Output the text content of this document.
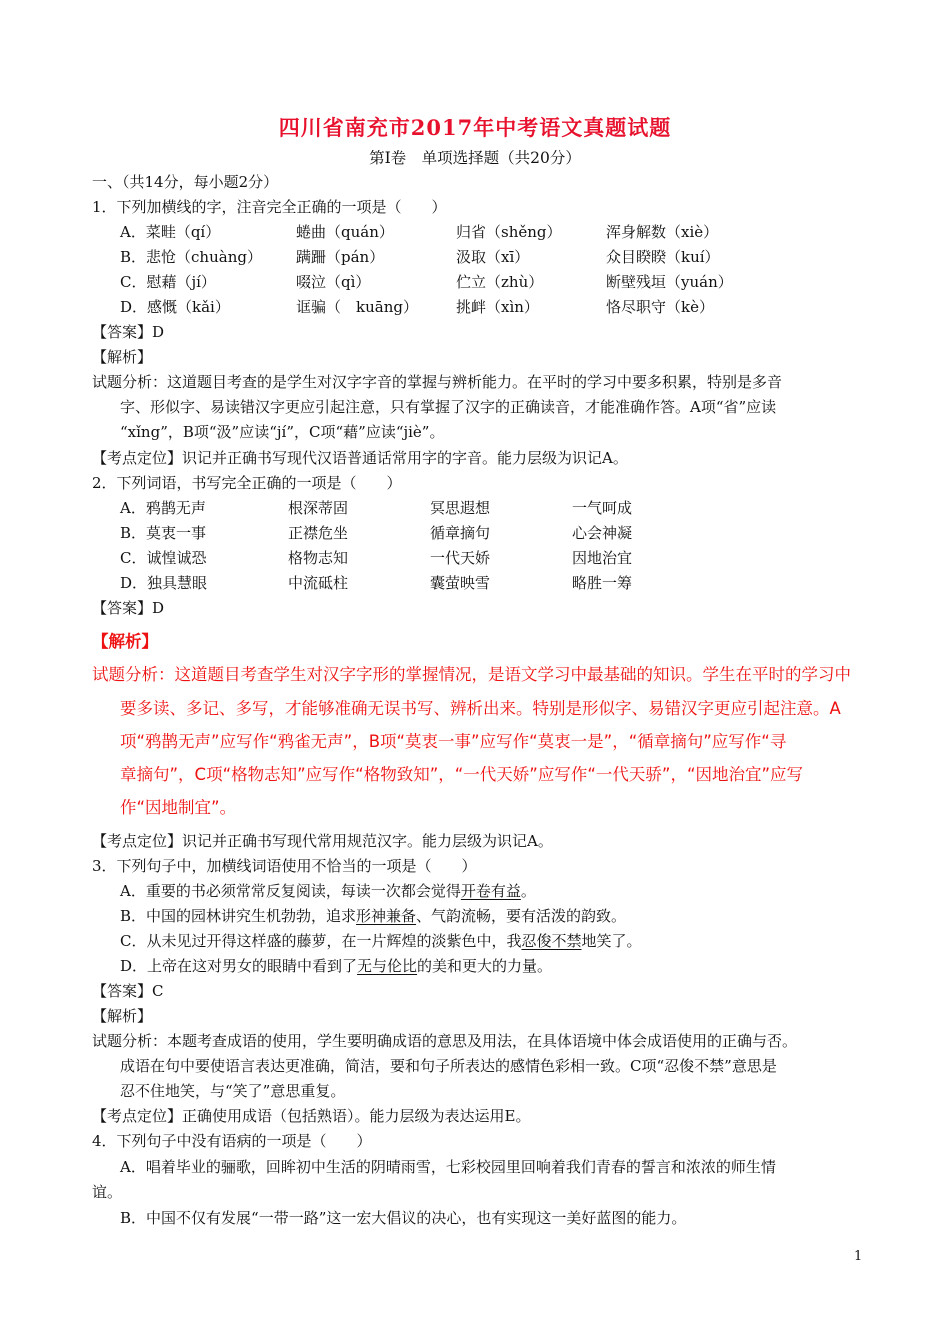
四川省南充市2017年中考语文真题试题
第Ⅰ卷　单项选择题（共20分）
一、（共14分，每小题2分）
1．下列加横线的字，注音完全正确的一项是（　　）
A．菜畦（qí）	蜷曲（quán）	归省（shěng）	浑身解数（xiè）
B．悲怆（chuàng） 蹒跚（pán）	汲取（xī）	众目睽睽（kuí）
C．慰藉（jí）	啜泣（qì）	伫立（zhù）	断壁残垣（yuán）
D．感慨（kǎi）	诓骗（　kuāng）	挑衅（xìn）	恪尽职守（kè）
【答案】D
【解析】
试题分析：这道题目考查的是学生对汉字字音的掌握与辨析能力。在平时的学习中要多积累，特别是多音
字、形似字、易读错汉字更应引起注意，只有掌握了汉字的正确读音，才能准确作答。A项“省”应读
“xǐng”，B项“汲”应读“jí”，C项“藉”应读“jiè”。
【考点定位】识记并正确书写现代汉语普通话常用字的字音。能力层级为识记A。
2．下列词语，书写完全正确的一项是（　　）
A．鸦鹊无声	根深蒂固	冥思遐想	一气呵成
B．莫衷一事	正襟危坐	循章摘句	心会神凝
C．诚惶诚恐	格物志知	一代天娇	因地治宜
D．独具慧眼	中流砥柱	囊萤映雪	略胜一筹
【答案】D
【解析】
试题分析：这道题目考查学生对汉字字形的掌握情况，是语文学习中最基础的知识。学生在平时的学习中
要多读、多记、多写，才能够准确无误书写、辨析出来。特别是形似字、易错汉字更应引起注意。A
项“鸦鹊无声”应写作“鸦雀无声”，B项“莫衷一事”应写作“莫衷一是”，“循章摘句”应写作“寻
章摘句”，C项“格物志知”应写作“格物致知”，“一代天娇”应写作“一代天骄”，“因地治宜”应写
作“因地制宜”。
【考点定位】识记并正确书写现代常用规范汉字。能力层级为识记A。
3．下列句子中，加横线词语使用不恰当的一项是（　　）
A．重要的书必须常常反复阅读，每读一次都会觉得开卷有益。
B．中国的园林讲究生机勃勃，追求形神兼备、气韵流畅，要有活泼的韵致。
C．从未见过开得这样盛的藤萝，在一片辉煌的淡紫色中，我忍俊不禁地笑了。
D．上帝在这对男女的眼睛中看到了无与伦比的美和更大的力量。
【答案】C
【解析】
试题分析：本题考查成语的使用，学生要明确成语的意思及用法，在具体语境中体会成语使用的正确与否。
成语在句中要使语言表达更准确，简洁，要和句子所表达的感情色彩相一致。C项“忍俊不禁”意思是
忍不住地笑，与“笑了”意思重复。
【考点定位】正确使用成语（包括熟语）。能力层级为表达运用E。
4．下列句子中没有语病的一项是（　　）
A．唱着毕业的骊歌，回眸初中生活的阴晴雨雪，七彩校园里回响着我们青春的誓言和浓浓的师生情
谊。
B．中国不仅有发展“一带一路”这一宏大倡议的决心，也有实现这一美好蓝图的能力。
1
